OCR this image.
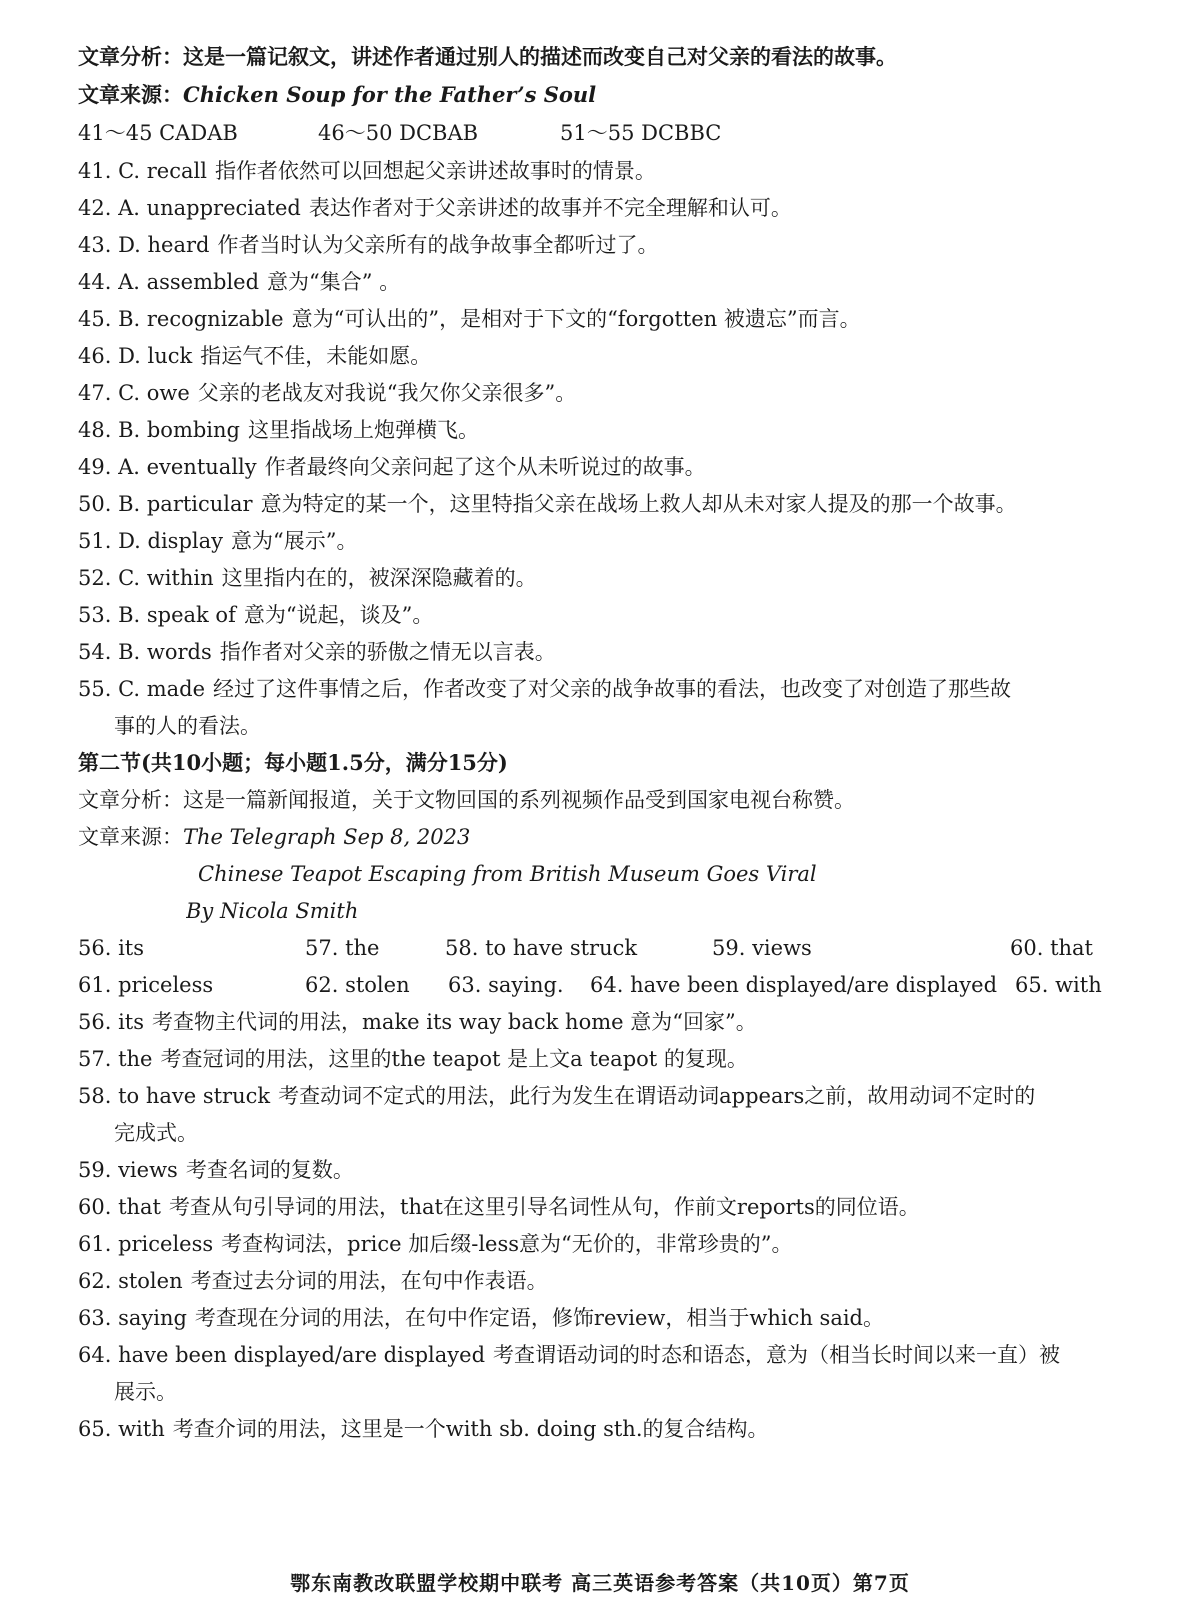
文章分析：这是一篇记叙文，讲述作者通过别人的描述而改变自己对父亲的看法的故事。
文章来源：Chicken Soup for the Father’s Soul
41～45 CADAB	46～50 DCBAB	51～55 DCBBC
41. C. recall 指作者依然可以回想起父亲讲述故事时的情景。
42. A. unappreciated 表达作者对于父亲讲述的故事并不完全理解和认可。
43. D. heard 作者当时认为父亲所有的战争故事全都听过了。
44. A. assembled 意为“集合” 。
45. B. recognizable 意为“可认出的”，是相对于下文的“forgotten 被遗忘”而言。
46. D. luck 指运气不佳，未能如愿。
47. C. owe 父亲的老战友对我说“我欠你父亲很多”。
48. B. bombing 这里指战场上炮弹横飞。
49. A. eventually 作者最终向父亲问起了这个从未听说过的故事。
50. B. particular 意为特定的某一个，这里特指父亲在战场上救人却从未对家人提及的那一个故事。
51. D. display 意为“展示”。
52. C. within 这里指内在的，被深深隐藏着的。
53. B. speak of 意为“说起，谈及”。
54. B. words 指作者对父亲的骄傲之情无以言表。
55. C. made 经过了这件事情之后，作者改变了对父亲的战争故事的看法，也改变了对创造了那些故
事的人的看法。
第二节(共10小题；每小题1.5分，满分15分)
文章分析：这是一篇新闻报道，关于文物回国的系列视频作品受到国家电视台称赞。
文章来源：The Telegraph Sep 8, 2023
Chinese Teapot Escaping from British Museum Goes Viral
By Nicola Smith
56. its	57. the	58. to have struck	59. views	60. that
61. priceless	62. stolen 63. saying. 64. have been displayed/are displayed 65. with
56. its 考查物主代词的用法，make its way back home 意为“回家”。
57. the 考查冠词的用法，这里的the teapot 是上文a teapot 的复现。
58. to have struck 考查动词不定式的用法，此行为发生在谓语动词appears之前，故用动词不定时的
完成式。
59. views 考查名词的复数。
60. that 考查从句引导词的用法，that在这里引导名词性从句，作前文reports的同位语。
61. priceless 考查构词法，price 加后缀-less意为“无价的，非常珍贵的”。
62. stolen 考查过去分词的用法，在句中作表语。
63. saying 考查现在分词的用法，在句中作定语，修饰review，相当于which said。
64. have been displayed/are displayed 考查谓语动词的时态和语态，意为（相当长时间以来一直）被
展示。
65. with 考查介词的用法，这里是一个with sb. doing sth.的复合结构。
鄂东南教改联盟学校期中联考 高三英语参考答案（共10页）第7页
